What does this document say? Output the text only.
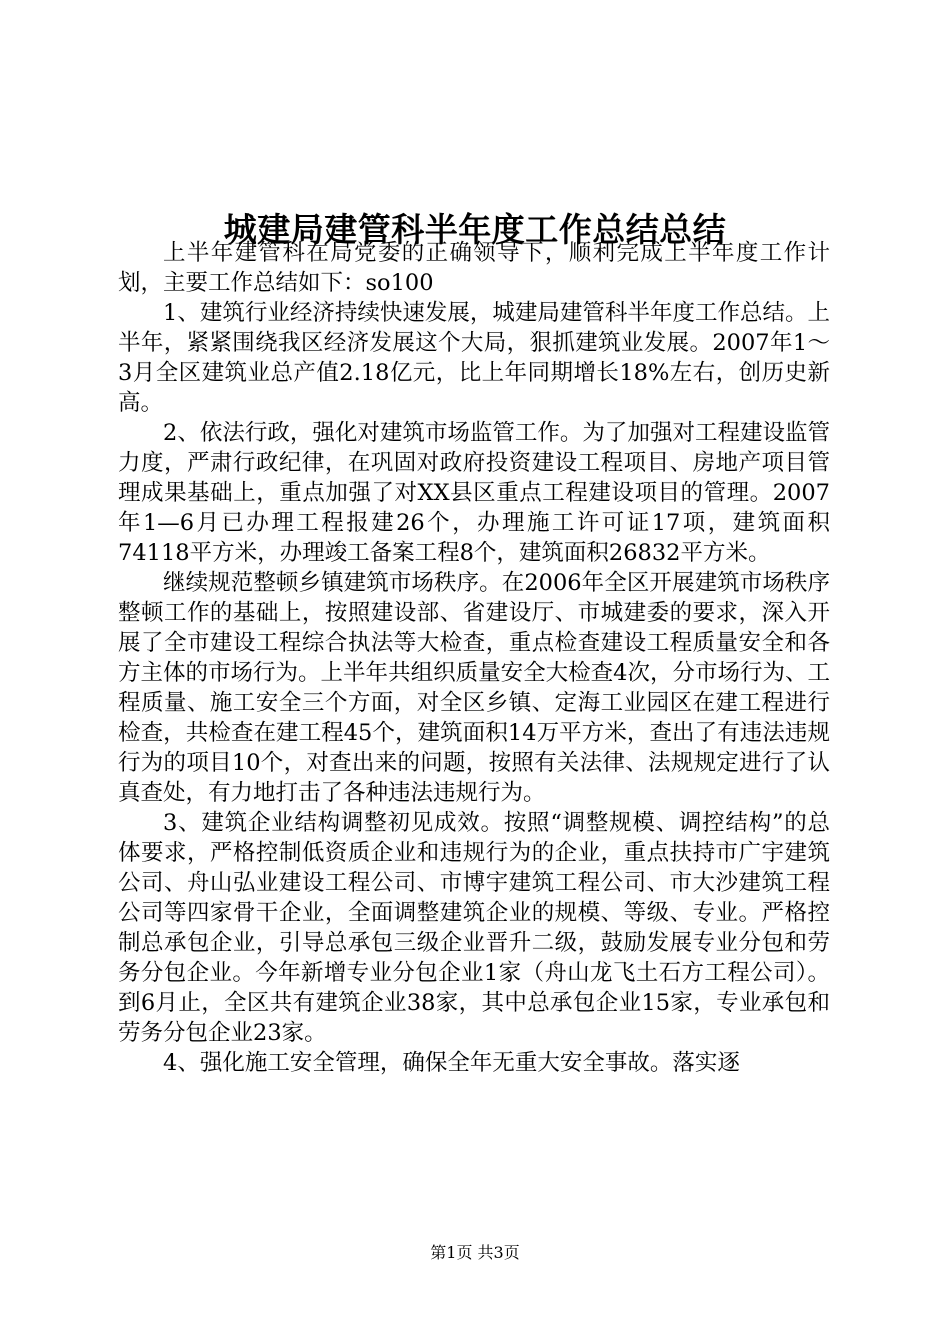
城建局建管科半年度工作总结总结

上半年建管科在局党委的正确领导下，顺利完成上半年度工作计划，主要工作总结如下：so100

1、建筑行业经济持续快速发展，城建局建管科半年度工作总结。上半年，紧紧围绕我区经济发展这个大局，狠抓建筑业发展。2007年1～3月全区建筑业总产值2.18亿元，比上年同期增长18%左右，创历史新高。

2、依法行政，强化对建筑市场监管工作。为了加强对工程建设监管力度，严肃行政纪律，在巩固对政府投资建设工程项目、房地产项目管理成果基础上，重点加强了对XX县区重点工程建设项目的管理。2007年1—6月已办理工程报建26个，办理施工许可证17项，建筑面积74118平方米，办理竣工备案工程8个，建筑面积26832平方米。

继续规范整顿乡镇建筑市场秩序。在2006年全区开展建筑市场秩序整顿工作的基础上，按照建设部、省建设厅、市城建委的要求，深入开展了全市建设工程综合执法等大检查，重点检查建设工程质量安全和各方主体的市场行为。上半年共组织质量安全大检查4次，分市场行为、工程质量、施工安全三个方面，对全区乡镇、定海工业园区在建工程进行检查，共检查在建工程45个，建筑面积14万平方米，查出了有违法违规行为的项目10个，对查出来的问题，按照有关法律、法规规定进行了认真查处，有力地打击了各种违法违规行为。

3、建筑企业结构调整初见成效。按照“调整规模、调控结构”的总体要求，严格控制低资质企业和违规行为的企业，重点扶持市广宇建筑公司、舟山弘业建设工程公司、市博宇建筑工程公司、市大沙建筑工程公司等四家骨干企业，全面调整建筑企业的规模、等级、专业。严格控制总承包企业，引导总承包三级企业晋升二级，鼓励发展专业分包和劳务分包企业。今年新增专业分包企业1家（舟山龙飞土石方工程公司）。到6月止，全区共有建筑企业38家，其中总承包企业15家，专业承包和劳务分包企业23家。

4、强化施工安全管理，确保全年无重大安全事故。落实逐

第1页 共3页
